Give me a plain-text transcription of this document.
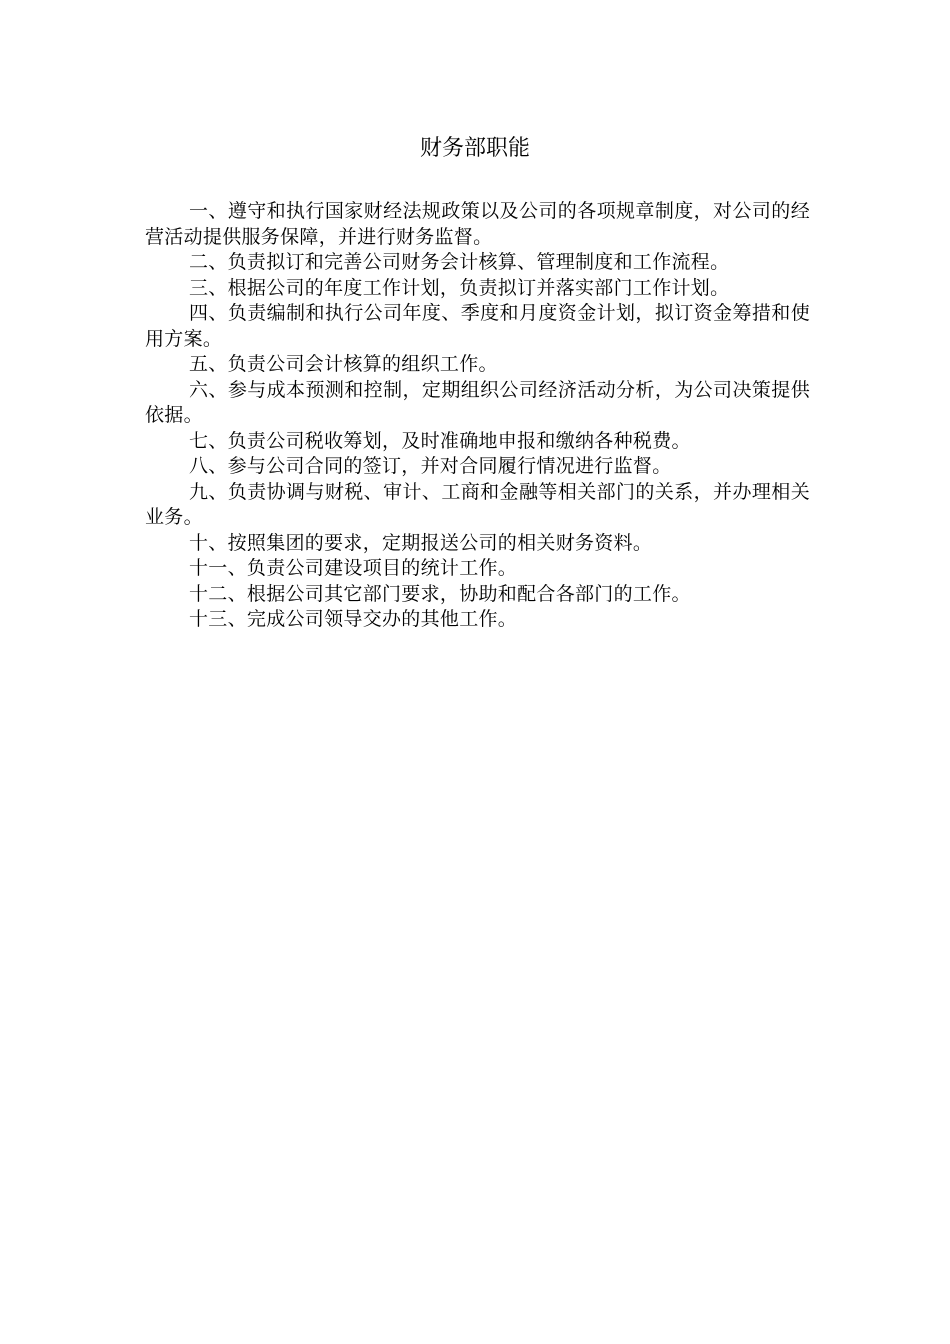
财务部职能

一、遵守和执行国家财经法规政策以及公司的各项规章制度，对公司的经营活动提供服务保障，并进行财务监督。

二、负责拟订和完善公司财务会计核算、管理制度和工作流程。

三、根据公司的年度工作计划，负责拟订并落实部门工作计划。

四、负责编制和执行公司年度、季度和月度资金计划，拟订资金筹措和使用方案。

五、负责公司会计核算的组织工作。

六、参与成本预测和控制，定期组织公司经济活动分析，为公司决策提供依据。

七、负责公司税收筹划，及时准确地申报和缴纳各种税费。

八、参与公司合同的签订，并对合同履行情况进行监督。

九、负责协调与财税、审计、工商和金融等相关部门的关系，并办理相关业务。

十、按照集团的要求，定期报送公司的相关财务资料。

十一、负责公司建设项目的统计工作。

十二、根据公司其它部门要求，协助和配合各部门的工作。

十三、完成公司领导交办的其他工作。
